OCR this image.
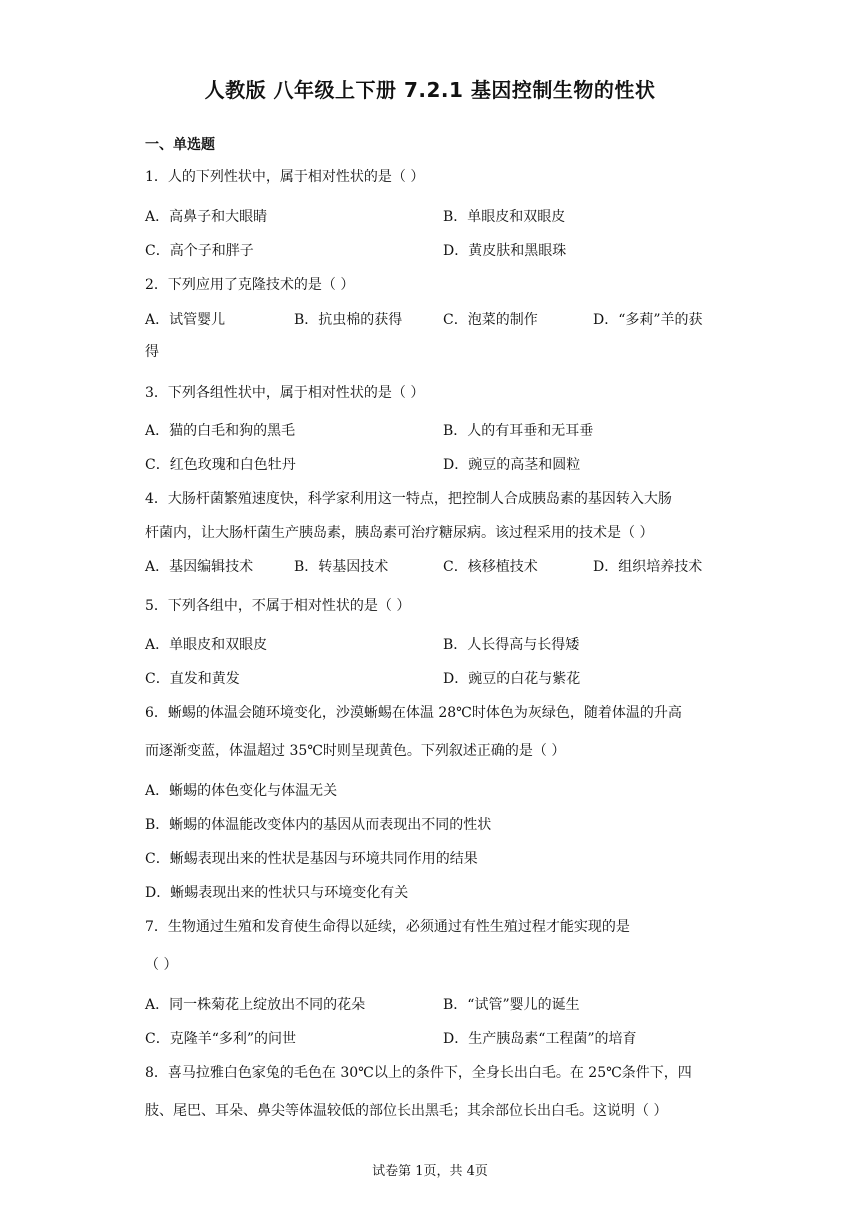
人教版 八年级上下册 7.2.1 基因控制生物的性状
一、单选题
1．人的下列性状中，属于相对性状的是（ ）
A．高鼻子和大眼睛	B．单眼皮和双眼皮
C．高个子和胖子	D．黄皮肤和黑眼珠
2．下列应用了克隆技术的是（ ）
A．试管婴儿	B．抗虫棉的获得	C．泡菜的制作	D．“多莉”羊的获
得
3．下列各组性状中，属于相对性状的是（ ）
A．猫的白毛和狗的黑毛	B．人的有耳垂和无耳垂
C．红色玫瑰和白色牡丹	D．豌豆的高茎和圆粒
4．大肠杆菌繁殖速度快，科学家利用这一特点，把控制人合成胰岛素的基因转入大肠
杆菌内，让大肠杆菌生产胰岛素，胰岛素可治疗糖尿病。该过程采用的技术是（ ）
A．基因编辑技术	B．转基因技术	C．核移植技术	D．组织培养技术
5．下列各组中，不属于相对性状的是（ ）
A．单眼皮和双眼皮	B．人长得高与长得矮
C．直发和黄发	D．豌豆的白花与紫花
6．蜥蜴的体温会随环境变化，沙漠蜥蜴在体温 28℃时体色为灰绿色，随着体温的升高
而逐渐变蓝，体温超过 35℃时则呈现黄色。下列叙述正确的是（ ）
A．蜥蜴的体色变化与体温无关
B．蜥蜴的体温能改变体内的基因从而表现出不同的性状
C．蜥蜴表现出来的性状是基因与环境共同作用的结果
D．蜥蜴表现出来的性状只与环境变化有关
7．生物通过生殖和发育使生命得以延续，必须通过有性生殖过程才能实现的是
（ ）
A．同一株菊花上绽放出不同的花朵	B．“试管”婴儿的诞生
C．克隆羊“多利”的问世	D．生产胰岛素“工程菌”的培育
8．喜马拉雅白色家兔的毛色在 30℃以上的条件下，全身长出白毛。在 25℃条件下，四
肢、尾巴、耳朵、鼻尖等体温较低的部位长出黑毛；其余部位长出白毛。这说明（ ）
试卷第 1页，共 4页
